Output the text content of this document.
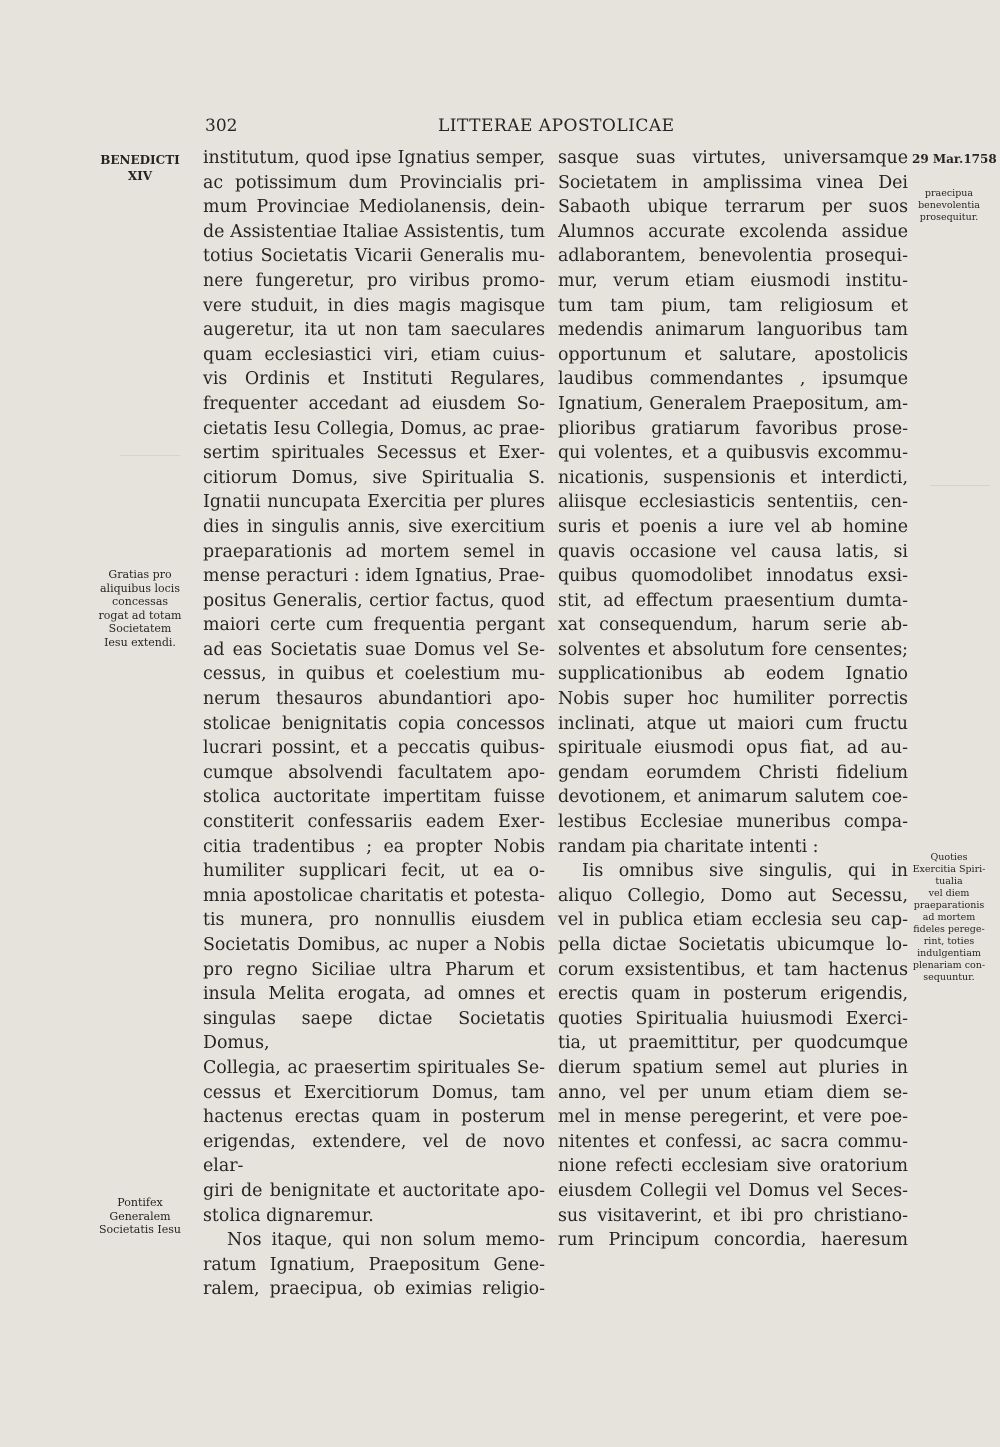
302	LITTERAE APOSTOLICAE
BENEDICTI
XIV
29 Mar.1758
institutum, quod ipse Ignatius semper,
ac potissimum dum Provincialis pri-
mum Provinciae Mediolanensis, dein-
de Assistentiae Italiae Assistentis, tum
totius Societatis Vicarii Generalis mu-
nere fungeretur, pro viribus promo-
vere studuit, in dies magis magisque
augeretur, ita ut non tam saeculares
quam ecclesiastici viri, etiam cuius-
vis Ordinis et Instituti Regulares,
frequenter accedant ad eiusdem So-
cietatis Iesu Collegia, Domus, ac prae-
sertim spirituales Secessus et Exer-
citiorum Domus, sive Spiritualia S.
Ignatii nuncupata Exercitia per plures
dies in singulis annis, sive exercitium
praeparationis ad mortem semel in
mense peracturi : idem Ignatius, Prae-
positus Generalis, certior factus, quod
maiori certe cum frequentia pergant
ad eas Societatis suae Domus vel Se-
cessus, in quibus et coelestium mu-
nerum thesauros abundantiori apo-
stolicae benignitatis copia concessos
lucrari possint, et a peccatis quibus-
cumque absolvendi facultatem apo-
stolica auctoritate impertitam fuisse
constiterit confessariis eadem Exer-
citia tradentibus ; ea propter Nobis
humiliter supplicari fecit, ut ea o-
mnia apostolicae charitatis et potesta-
tis munera, pro nonnullis eiusdem
Societatis Domibus, ac nuper a Nobis
pro regno Siciliae ultra Pharum et
insula Melita erogata, ad omnes et
singulas saepe dictae Societatis Domus,
Collegia, ac praesertim spirituales Se-
cessus et Exercitiorum Domus, tam
hactenus erectas quam in posterum
erigendas, extendere, vel de novo elar-
giri de benignitate et auctoritate apo-
stolica dignaremur.
Nos itaque, qui non solum memo-
ratum Ignatium, Praepositum Gene-
ralem, praecipua, ob eximias religio-
sasque suas virtutes, universamque
Societatem in amplissima vinea Dei
Sabaoth ubique terrarum per suos
Alumnos accurate excolenda assidue
adlaborantem, benevolentia prosequi-
mur, verum etiam eiusmodi institu-
tum tam pium, tam religiosum et
medendis animarum languoribus tam
opportunum et salutare, apostolicis
laudibus commendantes , ipsumque
Ignatium, Generalem Praepositum, am-
plioribus gratiarum favoribus prose-
qui volentes, et a quibusvis excommu-
nicationis, suspensionis et interdicti,
aliisque ecclesiasticis sententiis, cen-
suris et poenis a iure vel ab homine
quavis occasione vel causa latis, si
quibus quomodolibet innodatus exsi-
stit, ad effectum praesentium dumta-
xat consequendum, harum serie ab-
solventes et absolutum fore censentes;
supplicationibus ab eodem Ignatio
Nobis super hoc humiliter porrectis
inclinati, atque ut maiori cum fructu
spirituale eiusmodi opus fiat, ad au-
gendam eorumdem Christi fidelium
devotionem, et animarum salutem coe-
lestibus Ecclesiae muneribus compa-
randam pia charitate intenti :
Iis omnibus sive singulis, qui in
aliquo Collegio, Domo aut Secessu,
vel in publica etiam ecclesia seu cap-
pella dictae Societatis ubicumque lo-
corum exsistentibus, et tam hactenus
erectis quam in posterum erigendis,
quoties Spiritualia huiusmodi Exerci-
tia, ut praemittitur, per quodcumque
dierum spatium semel aut pluries in
anno, vel per unum etiam diem se-
mel in mense peregerint, et vere poe-
nitentes et confessi, ac sacra commu-
nione refecti ecclesiam sive oratorium
eiusdem Collegii vel Domus vel Seces-
sus visitaverint, et ibi pro christiano-
rum Principum concordia, haeresum
Gratias pro
aliquibus locis
concessas
rogat ad totam
Societatem
Iesu extendi.
Pontifex
Generalem
Societatis Iesu
praecipua
benevolentia
prosequitur.
Quoties
Exercitia Spiri-
tualia
vel diem
praeparationis
ad mortem
fideles perege-
rint, toties
indulgentiam
plenariam con-
sequuntur.
